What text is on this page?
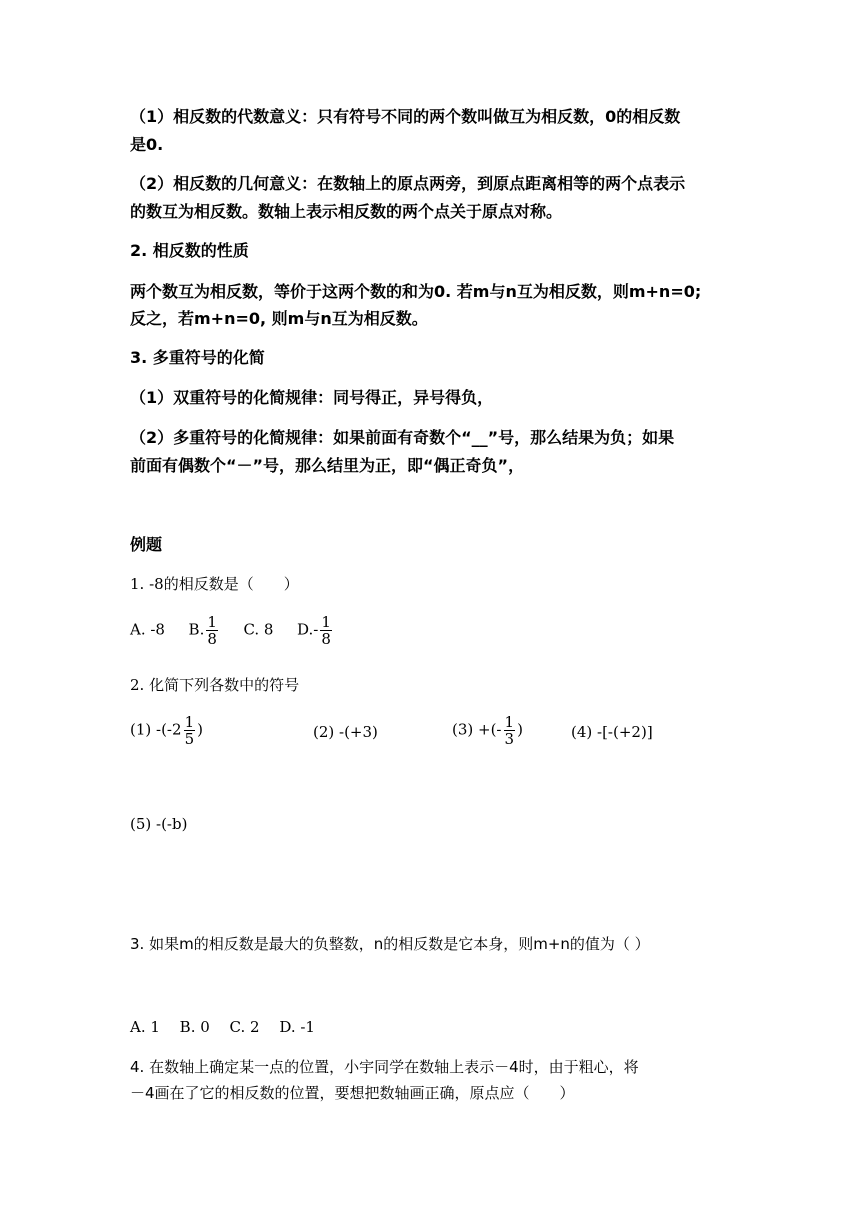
（1）相反数的代数意义：只有符号不同的两个数叫做互为相反数，0的相反数
是0.
（2）相反数的几何意义：在数轴上的原点两旁，到原点距离相等的两个点表示
的数互为相反数。数轴上表示相反数的两个点关于原点对称。
2. 相反数的性质
两个数互为相反数，等价于这两个数的和为0. 若m与n互为相反数，则m+n=0;
反之，若m+n=0, 则m与n互为相反数。
3. 多重符号的化简
（1）双重符号的化简规律：同号得正，异号得负，
（2）多重符号的化简规律：如果前面有奇数个“__”号，那么结果为负；如果
前面有偶数个“－”号，那么结里为正，即“偶正奇负”，
例题
1. -8的相反数是（　　）
A. -8 B. $\frac{1}{8} C$. 8 $D.- \frac{1}{8}$
2. 化简下列各数中的符号
(1) $-(-2 \frac{1}{5}$ )	(2) -(+3)	(3) +(- $\frac{1}{3}$ )	(4) -[-(+2)]
(5) -(-b)
3. 如果m的相反数是最大的负整数，n的相反数是它本身，则m+n的值为（ ）
A. 1　 B. 0　 C. 2　 D. -1
4. 在数轴上确定某一点的位置，小宇同学在数轴上表示－4时，由于粗心，将
－4画在了它的相反数的位置，要想把数轴画正确，原点应（　　）
